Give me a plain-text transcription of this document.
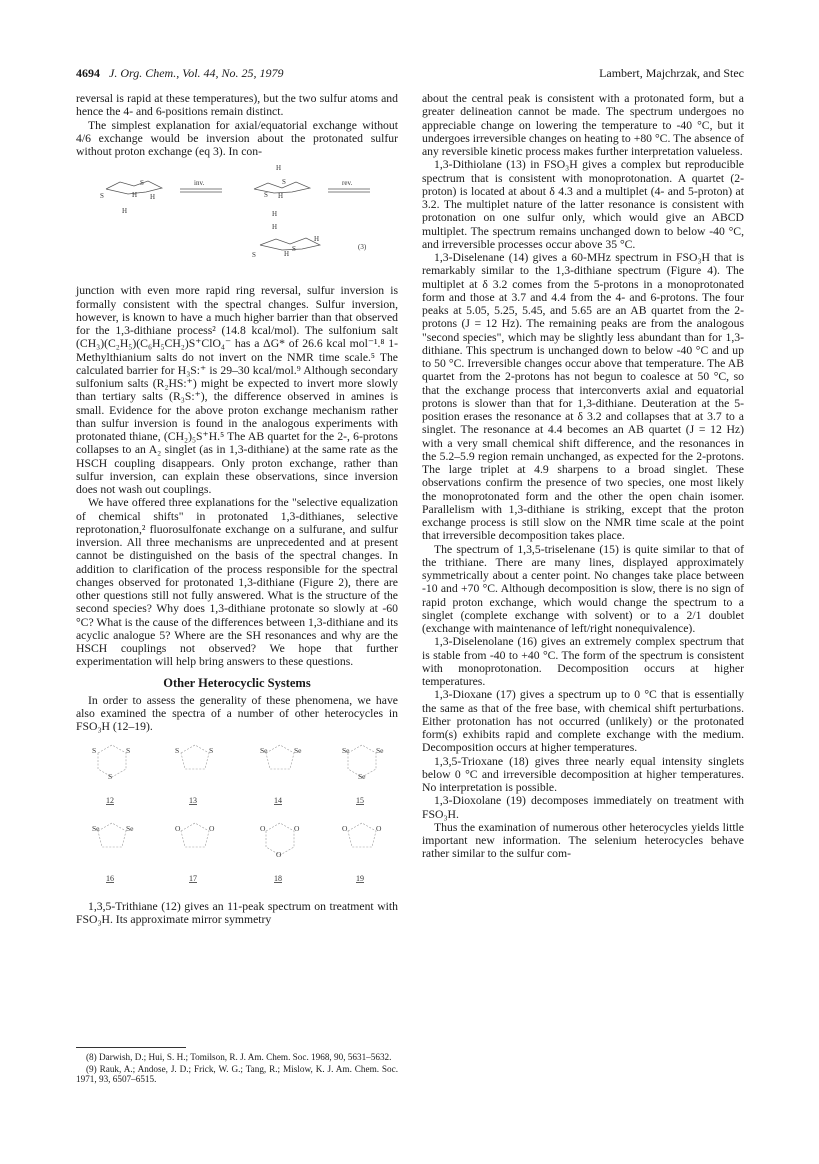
4694 J. Org. Chem., Vol. 44, No. 25, 1979	Lambert, Majchrzak, and Stec

reversal is rapid at these temperatures), but the two sulfur atoms and hence the 4- and 6-positions remain distinct.

The simplest explanation for axial/equatorial exchange without 4/6 exchange would be inversion about the protonated sulfur without proton exchange (eq 3). In con-

S	H
S
H
H
inv.
H
S
S
H
H
rev.
H
H
S	H
S	(3)

junction with even more rapid ring reversal, sulfur inversion is formally consistent with the spectral changes. Sulfur inversion, however, is known to have a much higher barrier than that observed for the 1,3-dithiane process² (14.8 kcal/mol). The sulfonium salt (CH₃)(C₂H₅)(C₆H₅CH₂)S⁺ClO₄⁻ has a ΔG* of 26.6 kcal mol⁻¹.⁸ 1-Methylthianium salts do not invert on the NMR time scale.⁵ The calculated barrier for H₃S:⁺ is 29–30 kcal/mol.⁹ Although secondary sulfonium salts (R₂HS:⁺) might be expected to invert more slowly than tertiary salts (R₃S:⁺), the difference observed in amines is small. Evidence for the above proton exchange mechanism rather than sulfur inversion is found in the analogous experiments with protonated thiane, (CH₂)₅S⁺H.⁵ The AB quartet for the 2-, 6-protons collapses to an A₂ singlet (as in 1,3-dithiane) at the same rate as the HSCH coupling disappears. Only proton exchange, rather than sulfur inversion, can explain these observations, since inversion does not wash out couplings.

We have offered three explanations for the "selective equalization of chemical shifts" in protonated 1,3-dithianes, selective reprotonation,² fluorosulfonate exchange on a sulfurane, and sulfur inversion. All three mechanisms are unprecedented and at present cannot be distinguished on the basis of the spectral changes. In addition to clarification of the process responsible for the spectral changes observed for protonated 1,3-dithiane (Figure 2), there are other questions still not fully answered. What is the structure of the second species? Why does 1,3-dithiane protonate so slowly at -60 °C? What is the cause of the differences between 1,3-dithiane and its acyclic analogue 5? Where are the SH resonances and why are the HSCH couplings not observed? We hope that further experimentation will help bring answers to these questions.

Other Heterocyclic Systems

In order to assess the generality of these phenomena, we have also examined the spectra of a number of other heterocycles in FSO₃H (12–19).

S	S
S
12
S	S
13
Se	Se
14
Se	Se
Se
15
Se	Se
16
O	O
17
O	O
O
18
O	O
19

1,3,5-Trithiane (12) gives an 11-peak spectrum on treatment with FSO₃H. Its approximate mirror symmetry

about the central peak is consistent with a protonated form, but a greater delineation cannot be made. The spectrum undergoes no appreciable change on lowering the temperature to -40 °C, but it undergoes irreversible changes on heating to +80 °C. The absence of any reversible kinetic process makes further interpretation valueless.

1,3-Dithiolane (13) in FSO₃H gives a complex but reproducible spectrum that is consistent with monoprotonation. A quartet (2-proton) is located at about δ 4.3 and a multiplet (4- and 5-proton) at 3.2. The multiplet nature of the latter resonance is consistent with protonation on one sulfur only, which would give an ABCD multiplet. The spectrum remains unchanged down to below -40 °C, and irreversible processes occur above 35 °C.

1,3-Diselenane (14) gives a 60-MHz spectrum in FSO₃H that is remarkably similar to the 1,3-dithiane spectrum (Figure 4). The multiplet at δ 3.2 comes from the 5-protons in a monoprotonated form and those at 3.7 and 4.4 from the 4- and 6-protons. The four peaks at 5.05, 5.25, 5.45, and 5.65 are an AB quartet from the 2-protons (J = 12 Hz). The remaining peaks are from the analogous "second species", which may be slightly less abundant than for 1,3-dithiane. This spectrum is unchanged down to below -40 °C and up to 50 °C. Irreversible changes occur above that temperature. The AB quartet from the 2-protons has not begun to coalesce at 50 °C, so that the exchange process that interconverts axial and equatorial protons is slower than that for 1,3-dithiane. Deuteration at the 5-position erases the resonance at δ 3.2 and collapses that at 3.7 to a singlet. The resonance at 4.4 becomes an AB quartet (J = 12 Hz) with a very small chemical shift difference, and the resonances in the 5.2–5.9 region remain unchanged, as expected for the 2-protons. The large triplet at 4.9 sharpens to a broad singlet. These observations confirm the presence of two species, one most likely the monoprotonated form and the other the open chain isomer. Parallelism with 1,3-dithiane is striking, except that the proton exchange process is still slow on the NMR time scale at the point that irreversible decomposition takes place.

The spectrum of 1,3,5-triselenane (15) is quite similar to that of the trithiane. There are many lines, displayed approximately symmetrically about a center point. No changes take place between -10 and +70 °C. Although decomposition is slow, there is no sign of rapid proton exchange, which would change the spectrum to a singlet (complete exchange with solvent) or to a 2/1 doublet (exchange with maintenance of left/right nonequivalence).

1,3-Diselenolane (16) gives an extremely complex spectrum that is stable from -40 to +40 °C. The form of the spectrum is consistent with monoprotonation. Decomposition occurs at higher temperatures.

1,3-Dioxane (17) gives a spectrum up to 0 °C that is essentially the same as that of the free base, with chemical shift perturbations. Either protonation has not occurred (unlikely) or the protonated form(s) exhibits rapid and complete exchange with the medium. Decomposition occurs at higher temperatures.

1,3,5-Trioxane (18) gives three nearly equal intensity singlets below 0 °C and irreversible decomposition at higher temperatures. No interpretation is possible.

1,3-Dioxolane (19) decomposes immediately on treatment with FSO₃H.

Thus the examination of numerous other heterocycles yields little important new information. The selenium heterocycles behave rather similar to the sulfur com-

(8) Darwish, D.; Hui, S. H.; Tomilson, R. J. Am. Chem. Soc. 1968, 90, 5631–5632.

(9) Rauk, A.; Andose, J. D.; Frick, W. G.; Tang, R.; Mislow, K. J. Am. Chem. Soc. 1971, 93, 6507–6515.
